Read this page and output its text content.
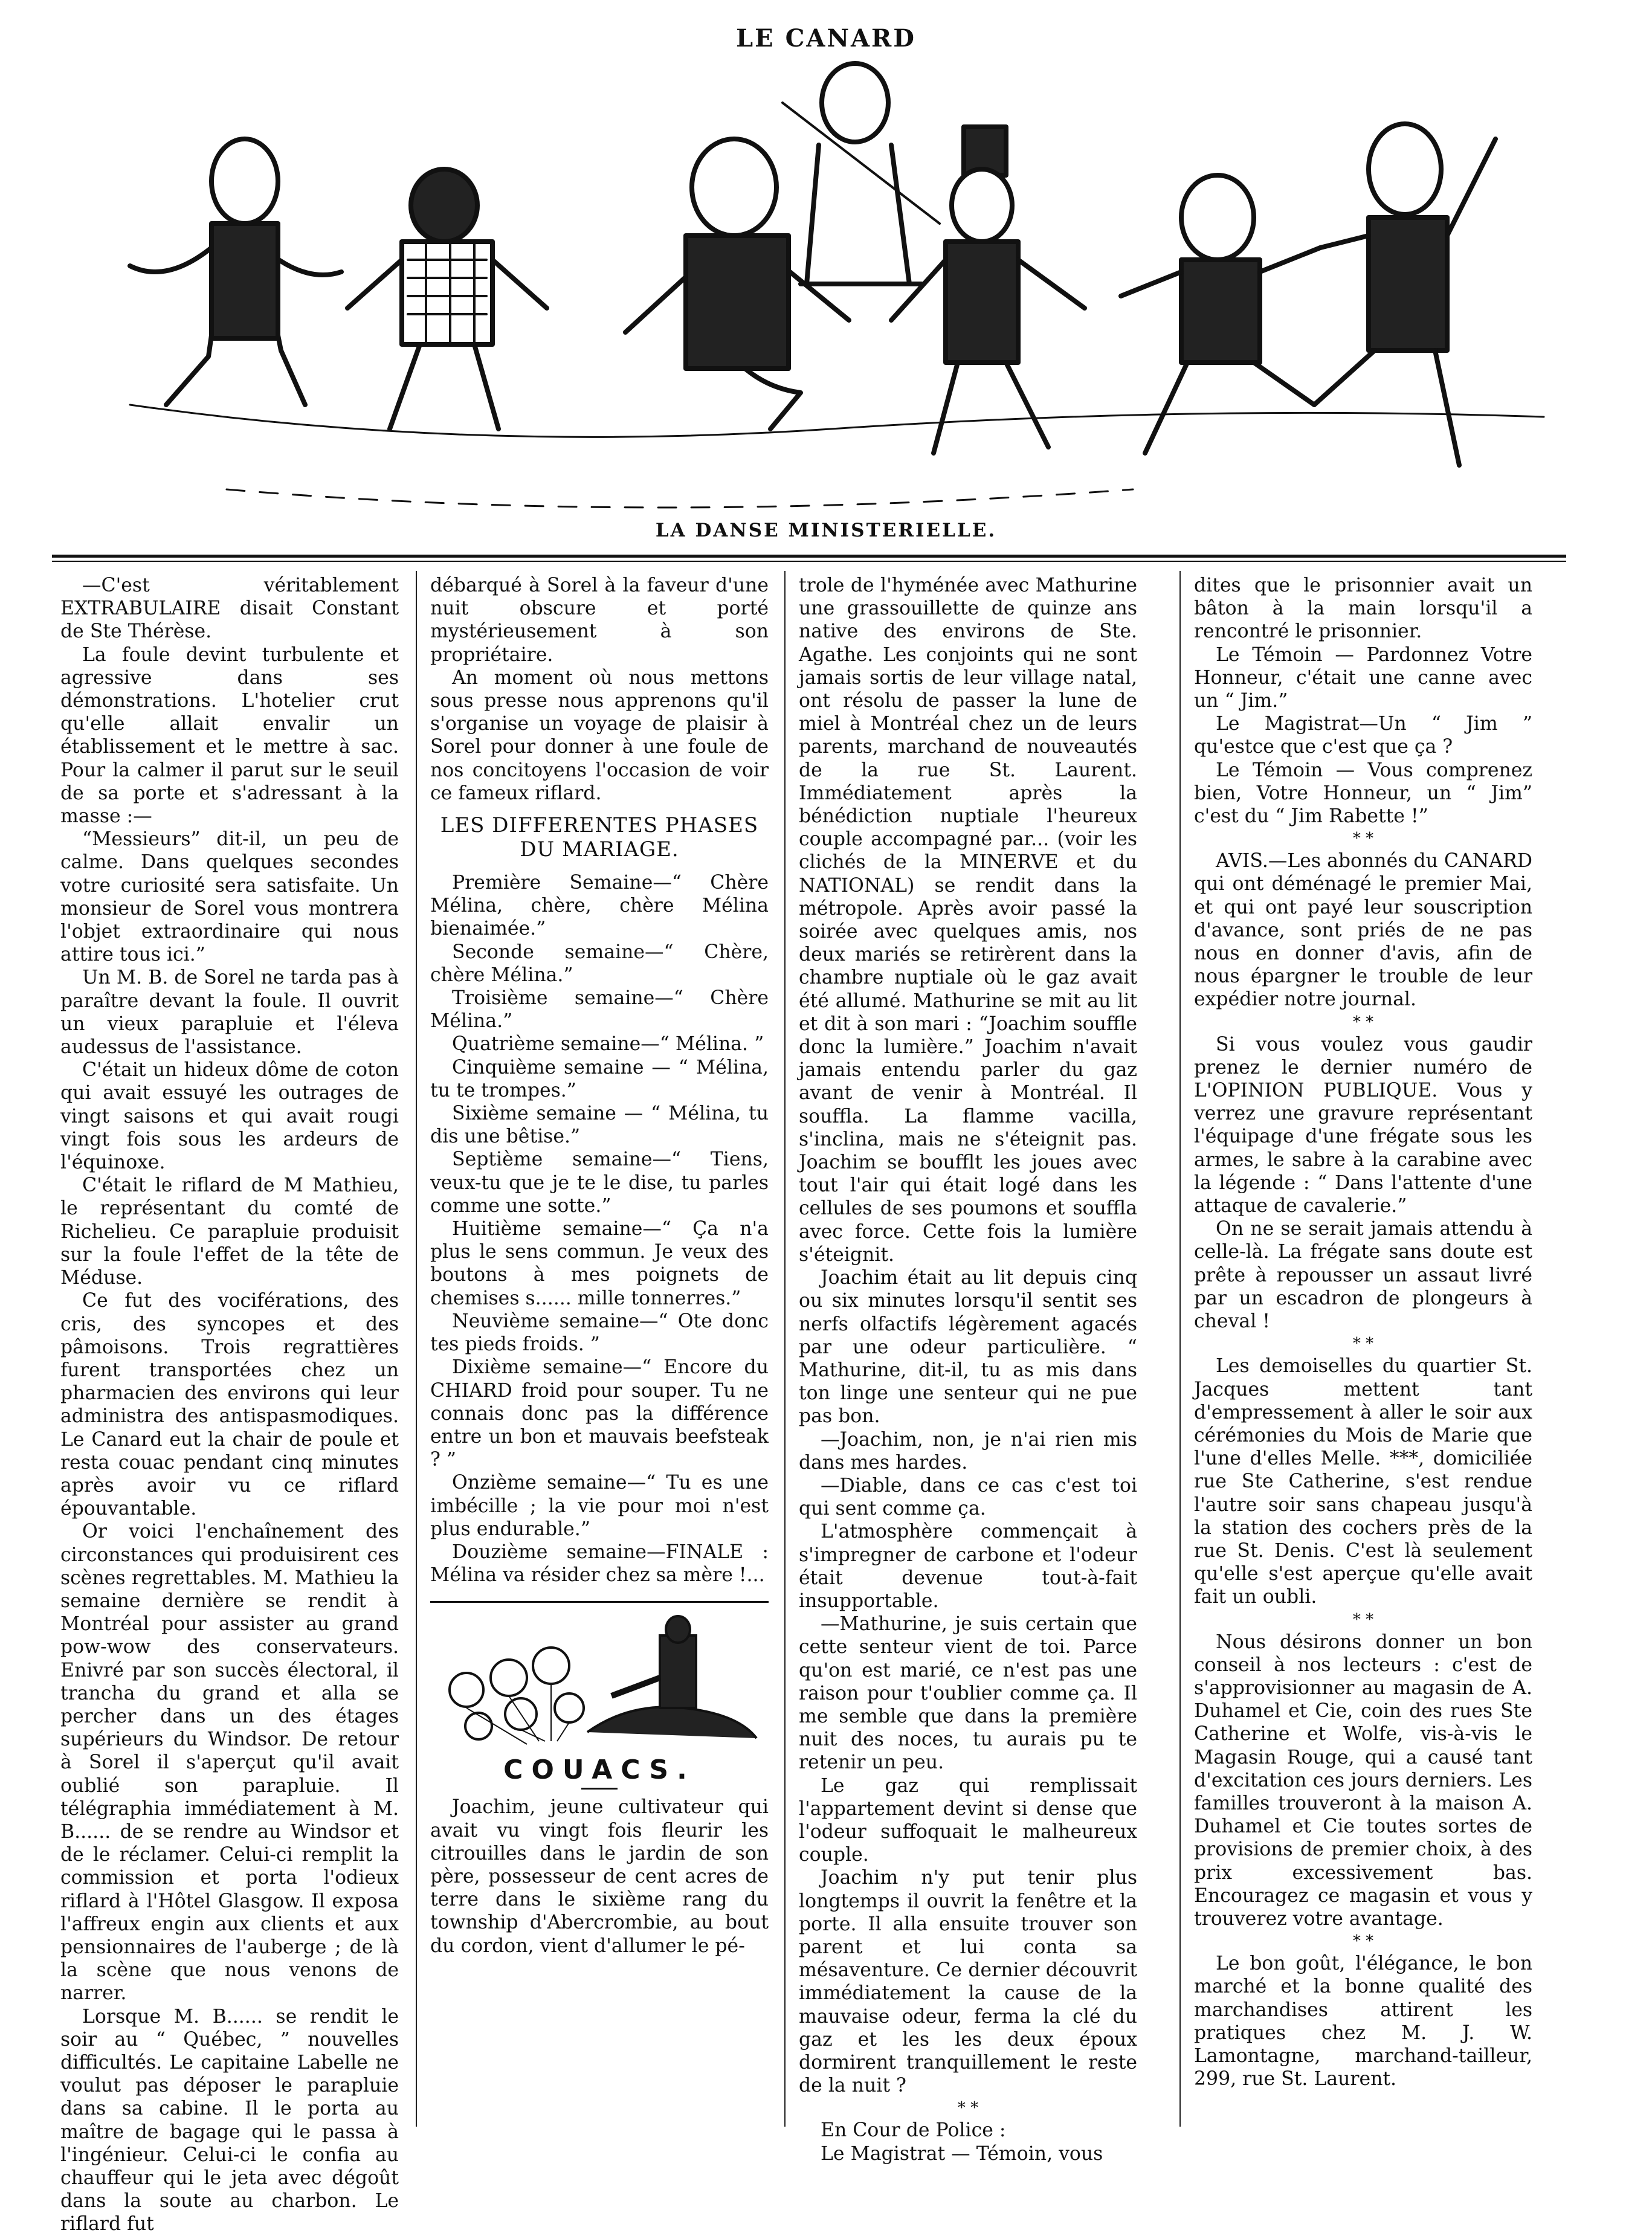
LE CANARD
LA DANSE MINISTERIELLE.

—C'est véritablement EXTRABULAIRE disait Constant de Ste Thérèse.

La foule devint turbulente et agressive dans ses démonstrations. L'hotelier crut qu'elle allait envalir un établissement et le mettre à sac. Pour la calmer il parut sur le seuil de sa porte et s'adressant à la masse :—

“Messieurs” dit-il, un peu de calme. Dans quelques secondes votre curiosité sera satisfaite. Un monsieur de Sorel vous montrera l'objet extraordinaire qui nous attire tous ici.”

Un M. B. de Sorel ne tarda pas à paraître devant la foule. Il ouvrit un vieux parapluie et l'éleva audessus de l'assistance.

C'était un hideux dôme de coton qui avait essuyé les outrages de vingt saisons et qui avait rougi vingt fois sous les ardeurs de l'équinoxe.

C'était le riflard de M Mathieu, le représentant du comté de Richelieu. Ce parapluie produisit sur la foule l'effet de la tête de Méduse.

Ce fut des vociférations, des cris, des syncopes et des pâmoisons. Trois regrattières furent transportées chez un pharmacien des environs qui leur administra des antispasmodiques. Le Canard eut la chair de poule et resta couac pendant cinq minutes après avoir vu ce riflard épouvantable.

Or voici l'enchaînement des circonstances qui produisirent ces scènes regrettables. M. Mathieu la semaine dernière se rendit à Montréal pour assister au grand pow-wow des conservateurs. Enivré par son succès électoral, il trancha du grand et alla se percher dans un des étages supérieurs du Windsor. De retour à Sorel il s'aperçut qu'il avait oublié son parapluie. Il télégraphia immédiatement à M. B...... de se rendre au Windsor et de le réclamer. Celui-ci remplit la commission et porta l'odieux riflard à l'Hôtel Glasgow. Il exposa l'affreux engin aux clients et aux pensionnaires de l'auberge ; de là la scène que nous venons de narrer.

Lorsque M. B...... se rendit le soir au “ Québec, ” nouvelles difficultés. Le capitaine Labelle ne voulut pas déposer le parapluie dans sa cabine. Il le porta au maître de bagage qui le passa à l'ingénieur. Celui-ci le confia au chauffeur qui le jeta avec dégoût dans la soute au charbon. Le riflard fut

débarqué à Sorel à la faveur d'une nuit obscure et porté mystérieusement à son propriétaire.

An moment où nous mettons sous presse nous apprenons qu'il s'organise un voyage de plaisir à Sorel pour donner à une foule de nos concitoyens l'occasion de voir ce fameux riflard.

LES DIFFERENTES PHASES DU MARIAGE.

Première Semaine—“ Chère Mélina, chère, chère Mélina bienaimée.”

Seconde semaine—“ Chère, chère Mélina.”

Troisième semaine—“ Chère Mélina.”

Quatrième semaine—“ Mélina. ”

Cinquième semaine — “ Mélina, tu te trompes.”

Sixième semaine — “ Mélina, tu dis une bêtise.”

Septième semaine—“ Tiens, veux-tu que je te le dise, tu parles comme une sotte.”

Huitième semaine—“ Ça n'a plus le sens commun. Je veux des boutons à mes poignets de chemises s...... mille tonnerres.”

Neuvième semaine—“ Ote donc tes pieds froids. ”

Dixième semaine—“ Encore du CHIARD froid pour souper. Tu ne connais donc pas la différence entre un bon et mauvais beefsteak ? ”

Onzième semaine—“ Tu es une imbécille ; la vie pour moi n'est plus endurable.”

Douzième semaine—FINALE : Mélina va résider chez sa mère !...

COUACS.

Joachim, jeune cultivateur qui avait vu vingt fois fleurir les citrouilles dans le jardin de son père, possesseur de cent acres de terre dans le sixième rang du township d'Abercrombie, au bout du cordon, vient d'allumer le pé-

trole de l'hyménée avec Mathurine une grassouillette de quinze ans native des environs de Ste. Agathe. Les conjoints qui ne sont jamais sortis de leur village natal, ont résolu de passer la lune de miel à Montréal chez un de leurs parents, marchand de nouveautés de la rue St. Laurent. Immédiatement après la bénédiction nuptiale l'heureux couple accompagné par... (voir les clichés de la MINERVE et du NATIONAL) se rendit dans la métropole. Après avoir passé la soirée avec quelques amis, nos deux mariés se retirèrent dans la chambre nuptiale où le gaz avait été allumé. Mathurine se mit au lit et dit à son mari : “Joachim souffle donc la lumière.” Joachim n'avait jamais entendu parler du gaz avant de venir à Montréal. Il souffla. La flamme vacilla, s'inclina, mais ne s'éteignit pas. Joachim se boufflt les joues avec tout l'air qui était logé dans les cellules de ses poumons et souffla avec force. Cette fois la lumière s'éteignit.

Joachim était au lit depuis cinq ou six minutes lorsqu'il sentit ses nerfs olfactifs légèrement agacés par une odeur particulière. “ Mathurine, dit-il, tu as mis dans ton linge une senteur qui ne pue pas bon.

—Joachim, non, je n'ai rien mis dans mes hardes.

—Diable, dans ce cas c'est toi qui sent comme ça.

L'atmosphère commençait à s'impregner de carbone et l'odeur était devenue tout-à-fait insupportable.

—Mathurine, je suis certain que cette senteur vient de toi. Parce qu'on est marié, ce n'est pas une raison pour t'oublier comme ça. Il me semble que dans la première nuit des noces, tu aurais pu te retenir un peu.

Le gaz qui remplissait l'appartement devint si dense que l'odeur suffoquait le malheureux couple.

Joachim n'y put tenir plus longtemps il ouvrit la fenêtre et la porte. Il alla ensuite trouver son parent et lui conta sa mésaventure. Ce dernier découvrit immédiatement la cause de la mauvaise odeur, ferma la clé du gaz et les les deux époux dormirent tranquillement le reste de la nuit ?

* *

En Cour de Police :

Le Magistrat — Témoin, vous

dites que le prisonnier avait un bâton à la main lorsqu'il a rencontré le prisonnier.

Le Témoin — Pardonnez Votre Honneur, c'était une canne avec un “ Jim.”

Le Magistrat—Un “ Jim ” qu'estce que c'est que ça ?

Le Témoin — Vous comprenez bien, Votre Honneur, un “ Jim” c'est du “ Jim Rabette !”

* *

AVIS.—Les abonnés du CANARD qui ont déménagé le premier Mai, et qui ont payé leur souscription d'avance, sont priés de ne pas nous en donner d'avis, afin de nous épargner le trouble de leur expédier notre journal.

* *

Si vous voulez vous gaudir prenez le dernier numéro de L'OPINION PUBLIQUE. Vous y verrez une gravure représentant l'équipage d'une frégate sous les armes, le sabre à la carabine avec la légende : “ Dans l'attente d'une attaque de cavalerie.”

On ne se serait jamais attendu à celle-là. La frégate sans doute est prête à repousser un assaut livré par un escadron de plongeurs à cheval !

* *

Les demoiselles du quartier St. Jacques mettent tant d'empressement à aller le soir aux cérémonies du Mois de Marie que l'une d'elles Melle. ***, domiciliée rue Ste Catherine, s'est rendue l'autre soir sans chapeau jusqu'à la station des cochers près de la rue St. Denis. C'est là seulement qu'elle s'est aperçue qu'elle avait fait un oubli.

* *

Nous désirons donner un bon conseil à nos lecteurs : c'est de s'approvisionner au magasin de A. Duhamel et Cie, coin des rues Ste Catherine et Wolfe, vis-à-vis le Magasin Rouge, qui a causé tant d'excitation ces jours derniers. Les familles trouveront à la maison A. Duhamel et Cie toutes sortes de provisions de premier choix, à des prix excessivement bas. Encouragez ce magasin et vous y trouverez votre avantage.

* *

Le bon goût, l'élégance, le bon marché et la bonne qualité des marchandises attirent les pratiques chez M. J. W. Lamontagne, marchand-tailleur, 299, rue St. Laurent.
